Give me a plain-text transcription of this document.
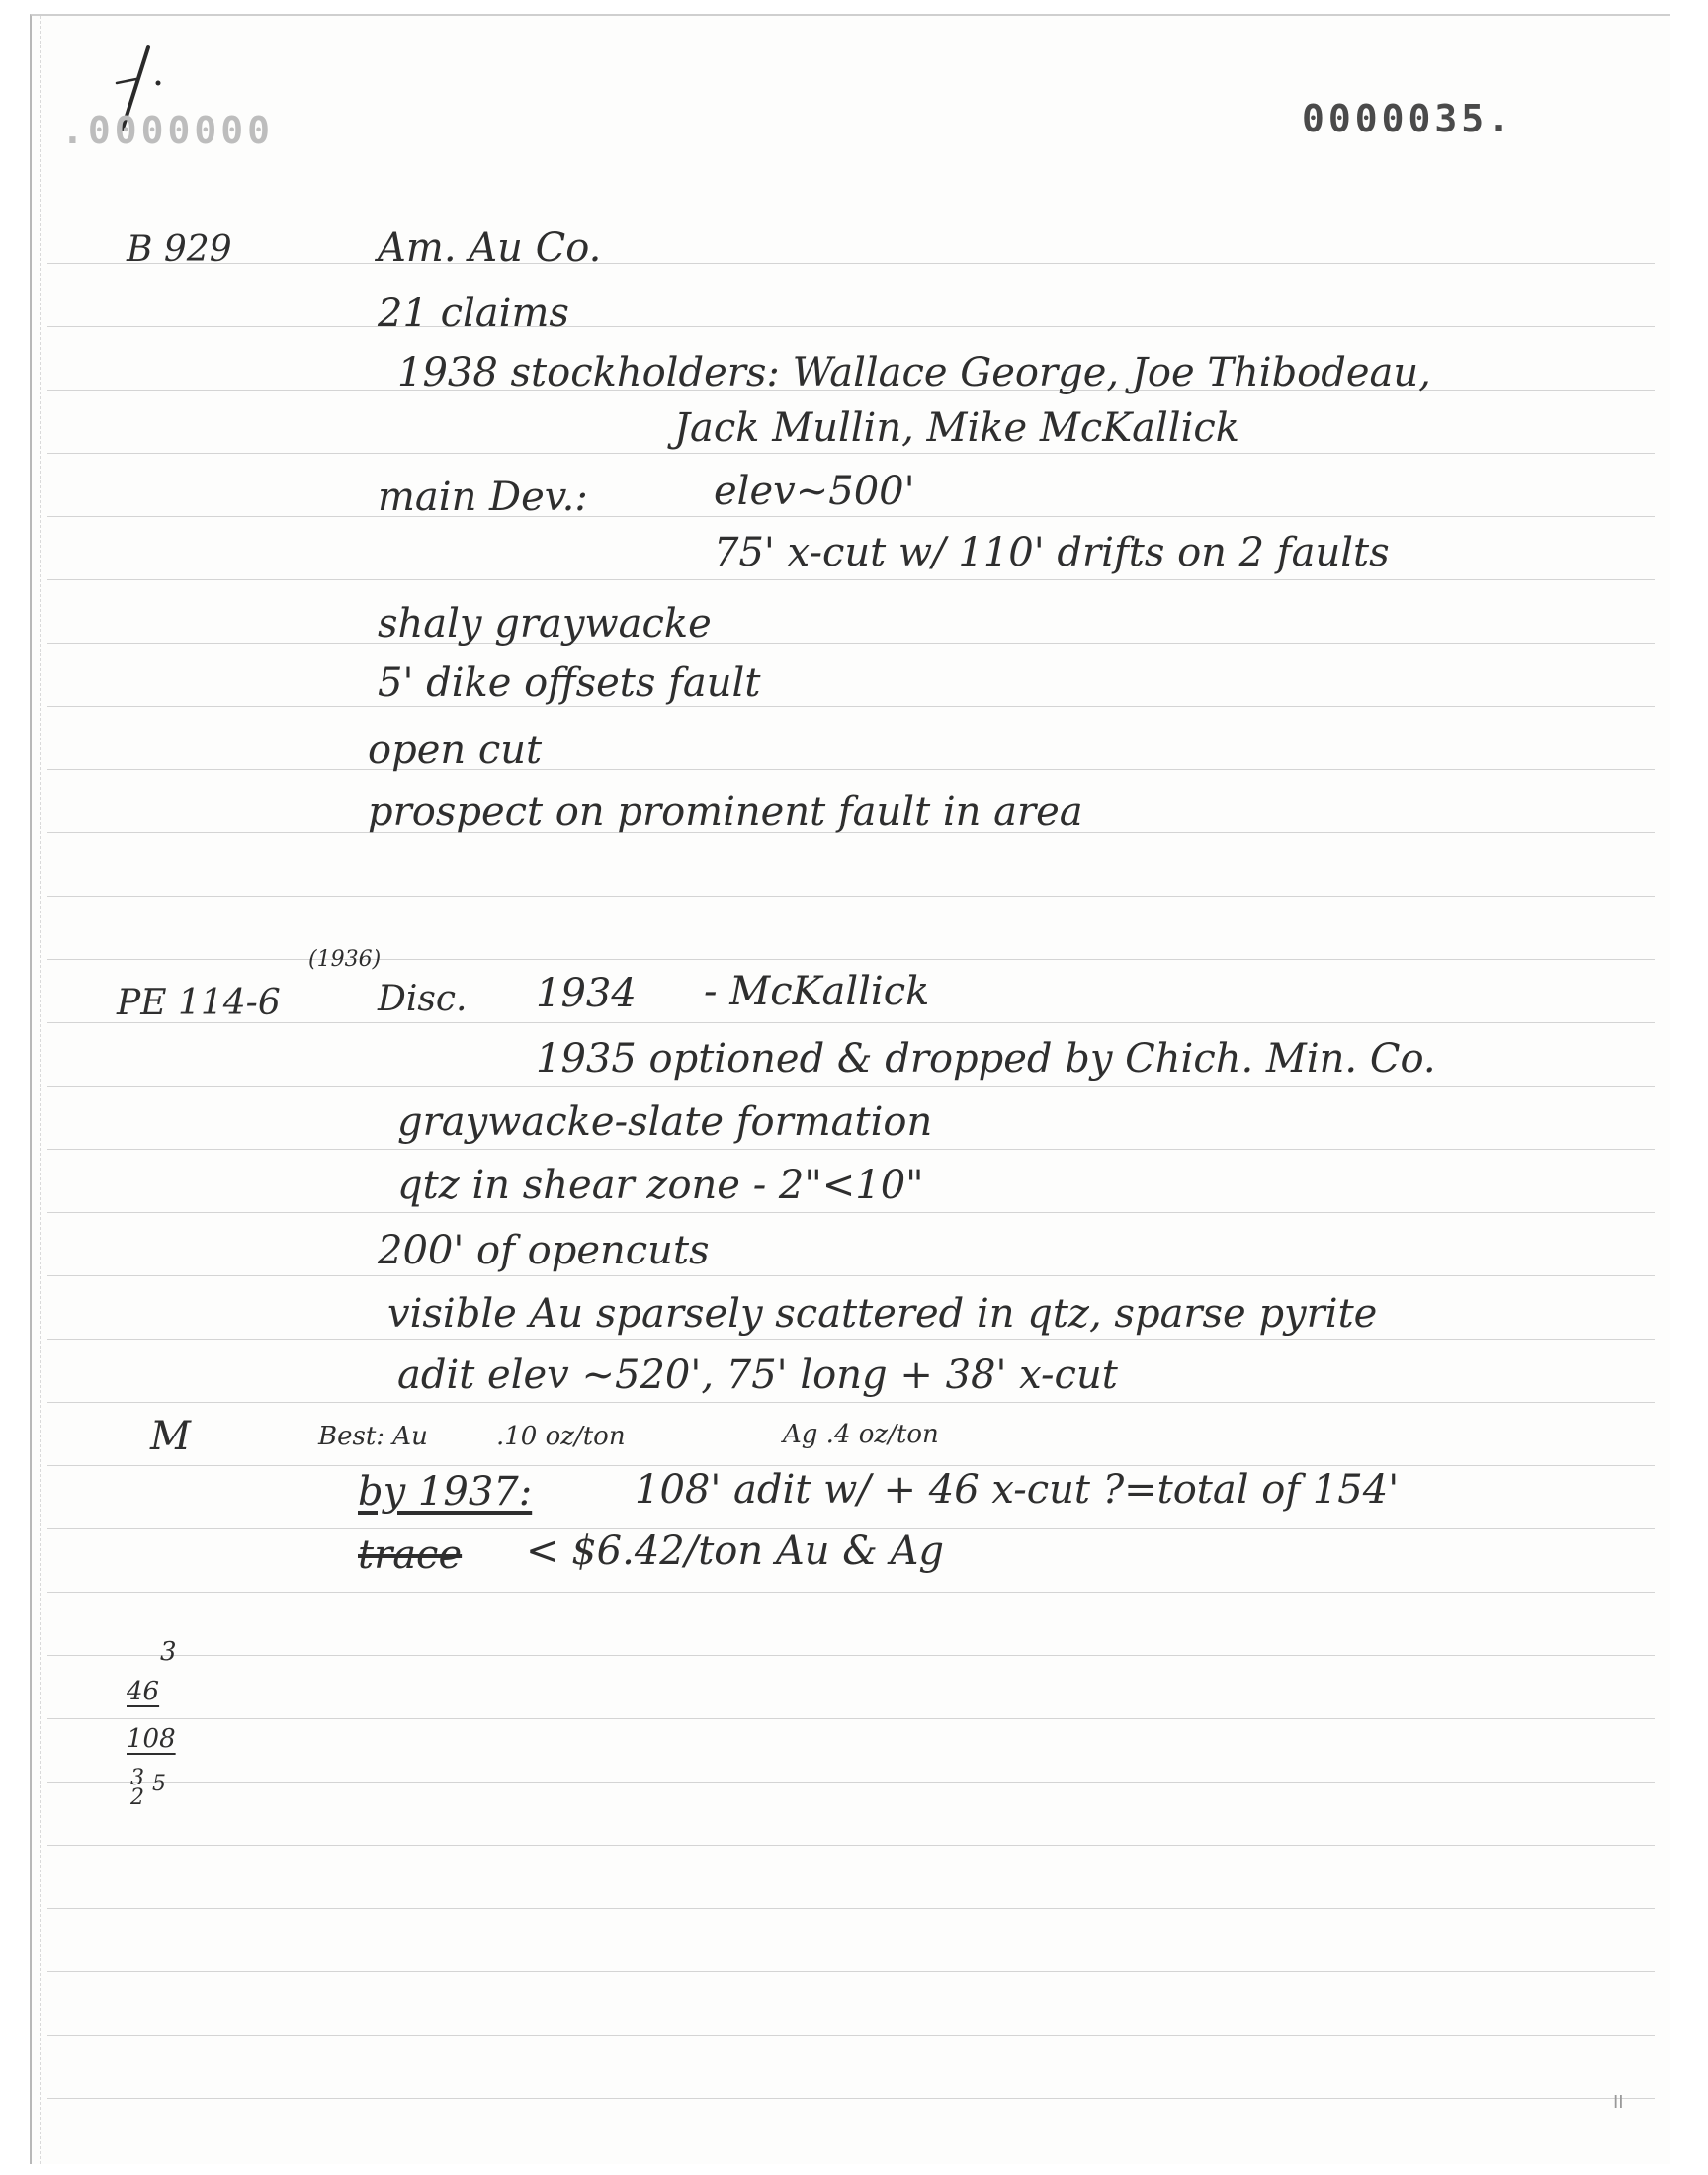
.0000000	0000035.
B 929	Am. Au Co.
21 claims
1938 stockholders: Wallace George, Joe Thibodeau,
Jack Mullin, Mike McKallick
main Dev.:	elev~500'
75' x-cut w/ 110' drifts on 2 faults
shaly graywacke
5' dike offsets fault
open cut
prospect on prominent fault in area
PE 114-6
(1936)
Disc. 1934 - McKallick
1935 optioned & dropped by Chich. Min. Co.
graywacke-slate formation
qtz in shear zone - 2"<10"
200' of opencuts
visible Au sparsely scattered in qtz, sparse pyrite
adit elev ~520', 75' long + 38' x-cut
M	Best: Au	.10 oz/ton	Ag .4 oz/ton
by 1937:	108' adit w/ + 46 x-cut ?=total of 154'
trace < $6.42/ton Au & Ag
3
46
108
3
2
5
II
